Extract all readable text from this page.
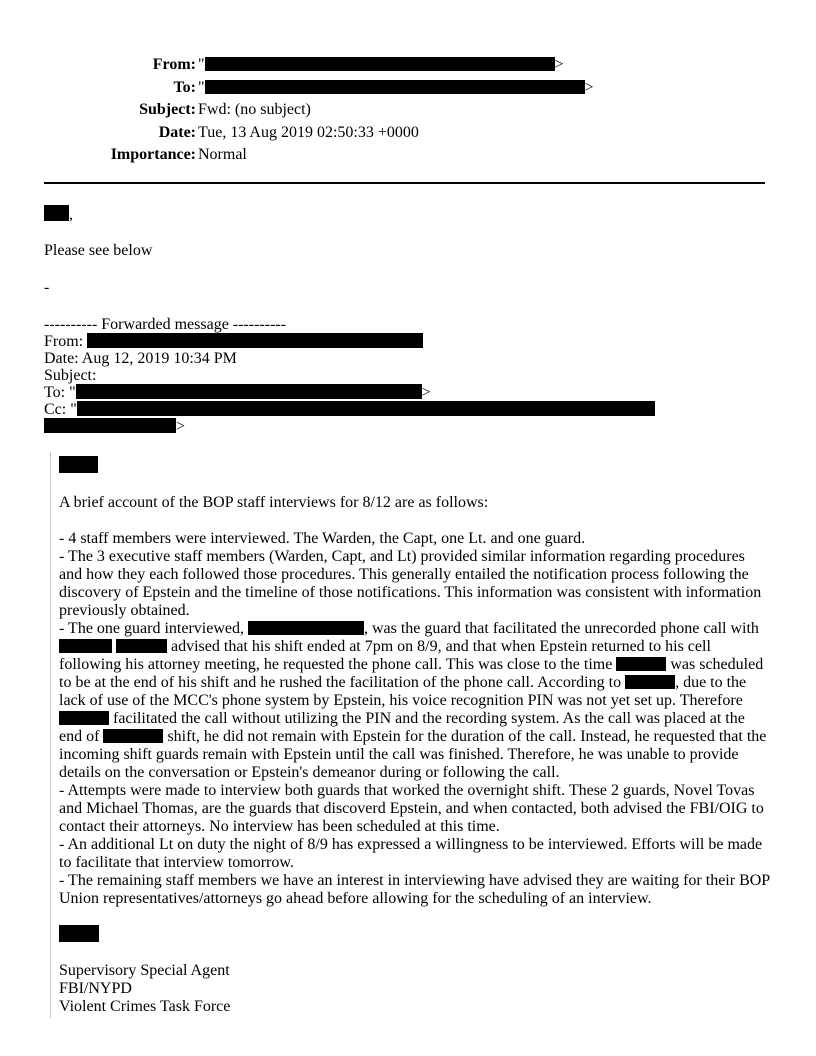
From: "	>
To: "	>
Subject: Fwd: (no subject)
Date: Tue, 13 Aug 2019 02:50:33 +0000
Importance: Normal
,
Please see below
-
---------- Forwarded message ----------
From:
Date: Aug 12, 2019 10:34 PM
Subject:
To: "	>
Cc: "
>
A brief account of the BOP staff interviews for 8/12 are as follows:

- 4 staff members were interviewed. The Warden, the Capt, one Lt. and one guard.

- The 3 executive staff members (Warden, Capt, and Lt) provided similar information regarding procedures and how they each followed those procedures. This generally entailed the notification process following the discovery of Epstein and the timeline of those notifications. This information was consistent with information previously obtained.

- The one guard interviewed,	, was the guard that facilitated the unrecorded phone call with   advised that his shift ended at 7pm on 8/9, and that when Epstein returned to his cell following his attorney meeting, he requested the phone call. This was close to the time	was scheduled to be at the end of his shift and he rushed the facilitation of the phone call. According to	, due to the lack of use of the MCC's phone system by Epstein, his voice recognition PIN was not yet set up. Therefore  facilitated the call without utilizing the PIN and the recording system. As the call was placed at the end of	shift, he did not remain with Epstein for the duration of the call. Instead, he requested that the incoming shift guards remain with Epstein until the call was finished. Therefore, he was unable to provide details on the conversation or Epstein's demeanor during or following the call.

- Attempts were made to interview both guards that worked the overnight shift. These 2 guards, Novel Tovas and Michael Thomas, are the guards that discoverd Epstein, and when contacted, both advised the FBI/OIG to contact their attorneys. No interview has been scheduled at this time.

- An additional Lt on duty the night of 8/9 has expressed a willingness to be interviewed. Efforts will be made to facilitate that interview tomorrow.

- The remaining staff members we have an interest in interviewing have advised they are waiting for their BOP Union representatives/attorneys go ahead before allowing for the scheduling of an interview.

Supervisory Special Agent
FBI/NYPD
Violent Crimes Task Force
